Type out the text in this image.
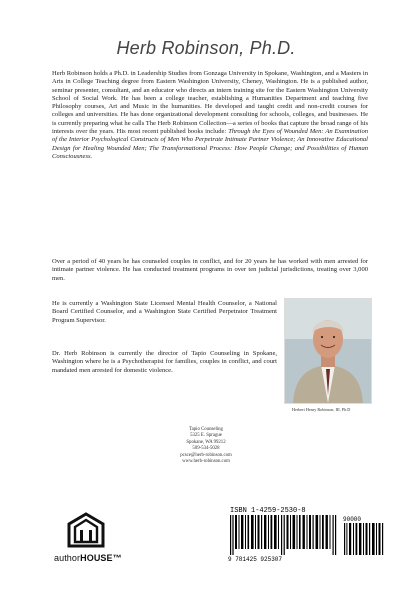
Herb Robinson, Ph.D.

Herb Robinson holds a Ph.D. in Leadership Studies from Gonzaga University in Spokane, Washington, and a Masters in Arts in College Teaching degree from Eastern Washington University, Cheney, Washington. He is a published author, seminar presenter, consultant, and an educator who directs an intern training site for the Eastern Washington University School of Social Work. He has been a college teacher, establishing a Humanities Department and teaching five Philosophy courses, Art and Music in the humanities. He developed and taught credit and non-credit courses for colleges and universities. He has done organizational development consulting for schools, colleges, and businesses. He is currently preparing what he calls The Herb Robinson Collection—a series of books that capture the broad range of his interests over the years. His most recent published books include: Through the Eyes of Wounded Men: An Examination of the Interior Psychological Constructs of Men Who Perpetrate Intimate Partner Violence; An Innovative Educational Design for Healing Wounded Men; The Transformational Process: How People Change; and Possibilities of Human Consciousness.

Over a period of 40 years he has counseled couples in conflict, and for 20 years he has worked with men arrested for intimate partner violence. He has conducted treatment programs in over ten judicial jurisdictions, treating over 3,000 men.

He is currently a Washington State Licensed Mental Health Counselor, a National Board Certified Counselor, and a Washington State Certified Perpetrator Treatment Program Supervisor.

Dr. Herb Robinson is currently the director of Tapio Counseling in Spokane, Washington where he is a Psychotherapist for families, couples in conflict, and court mandated men arrested for domestic violence.

Herbert Henry Robinson, III, Ph.D
Tapio Counseling
5325 E. Sprague
Spokane, WA 99212
509-534-5028
pcsce@herb-robinson.com
www.herb-robinson.com
authorHOUSE™
ISBN 1-4259-2530-8
90000
9 781425 925307
